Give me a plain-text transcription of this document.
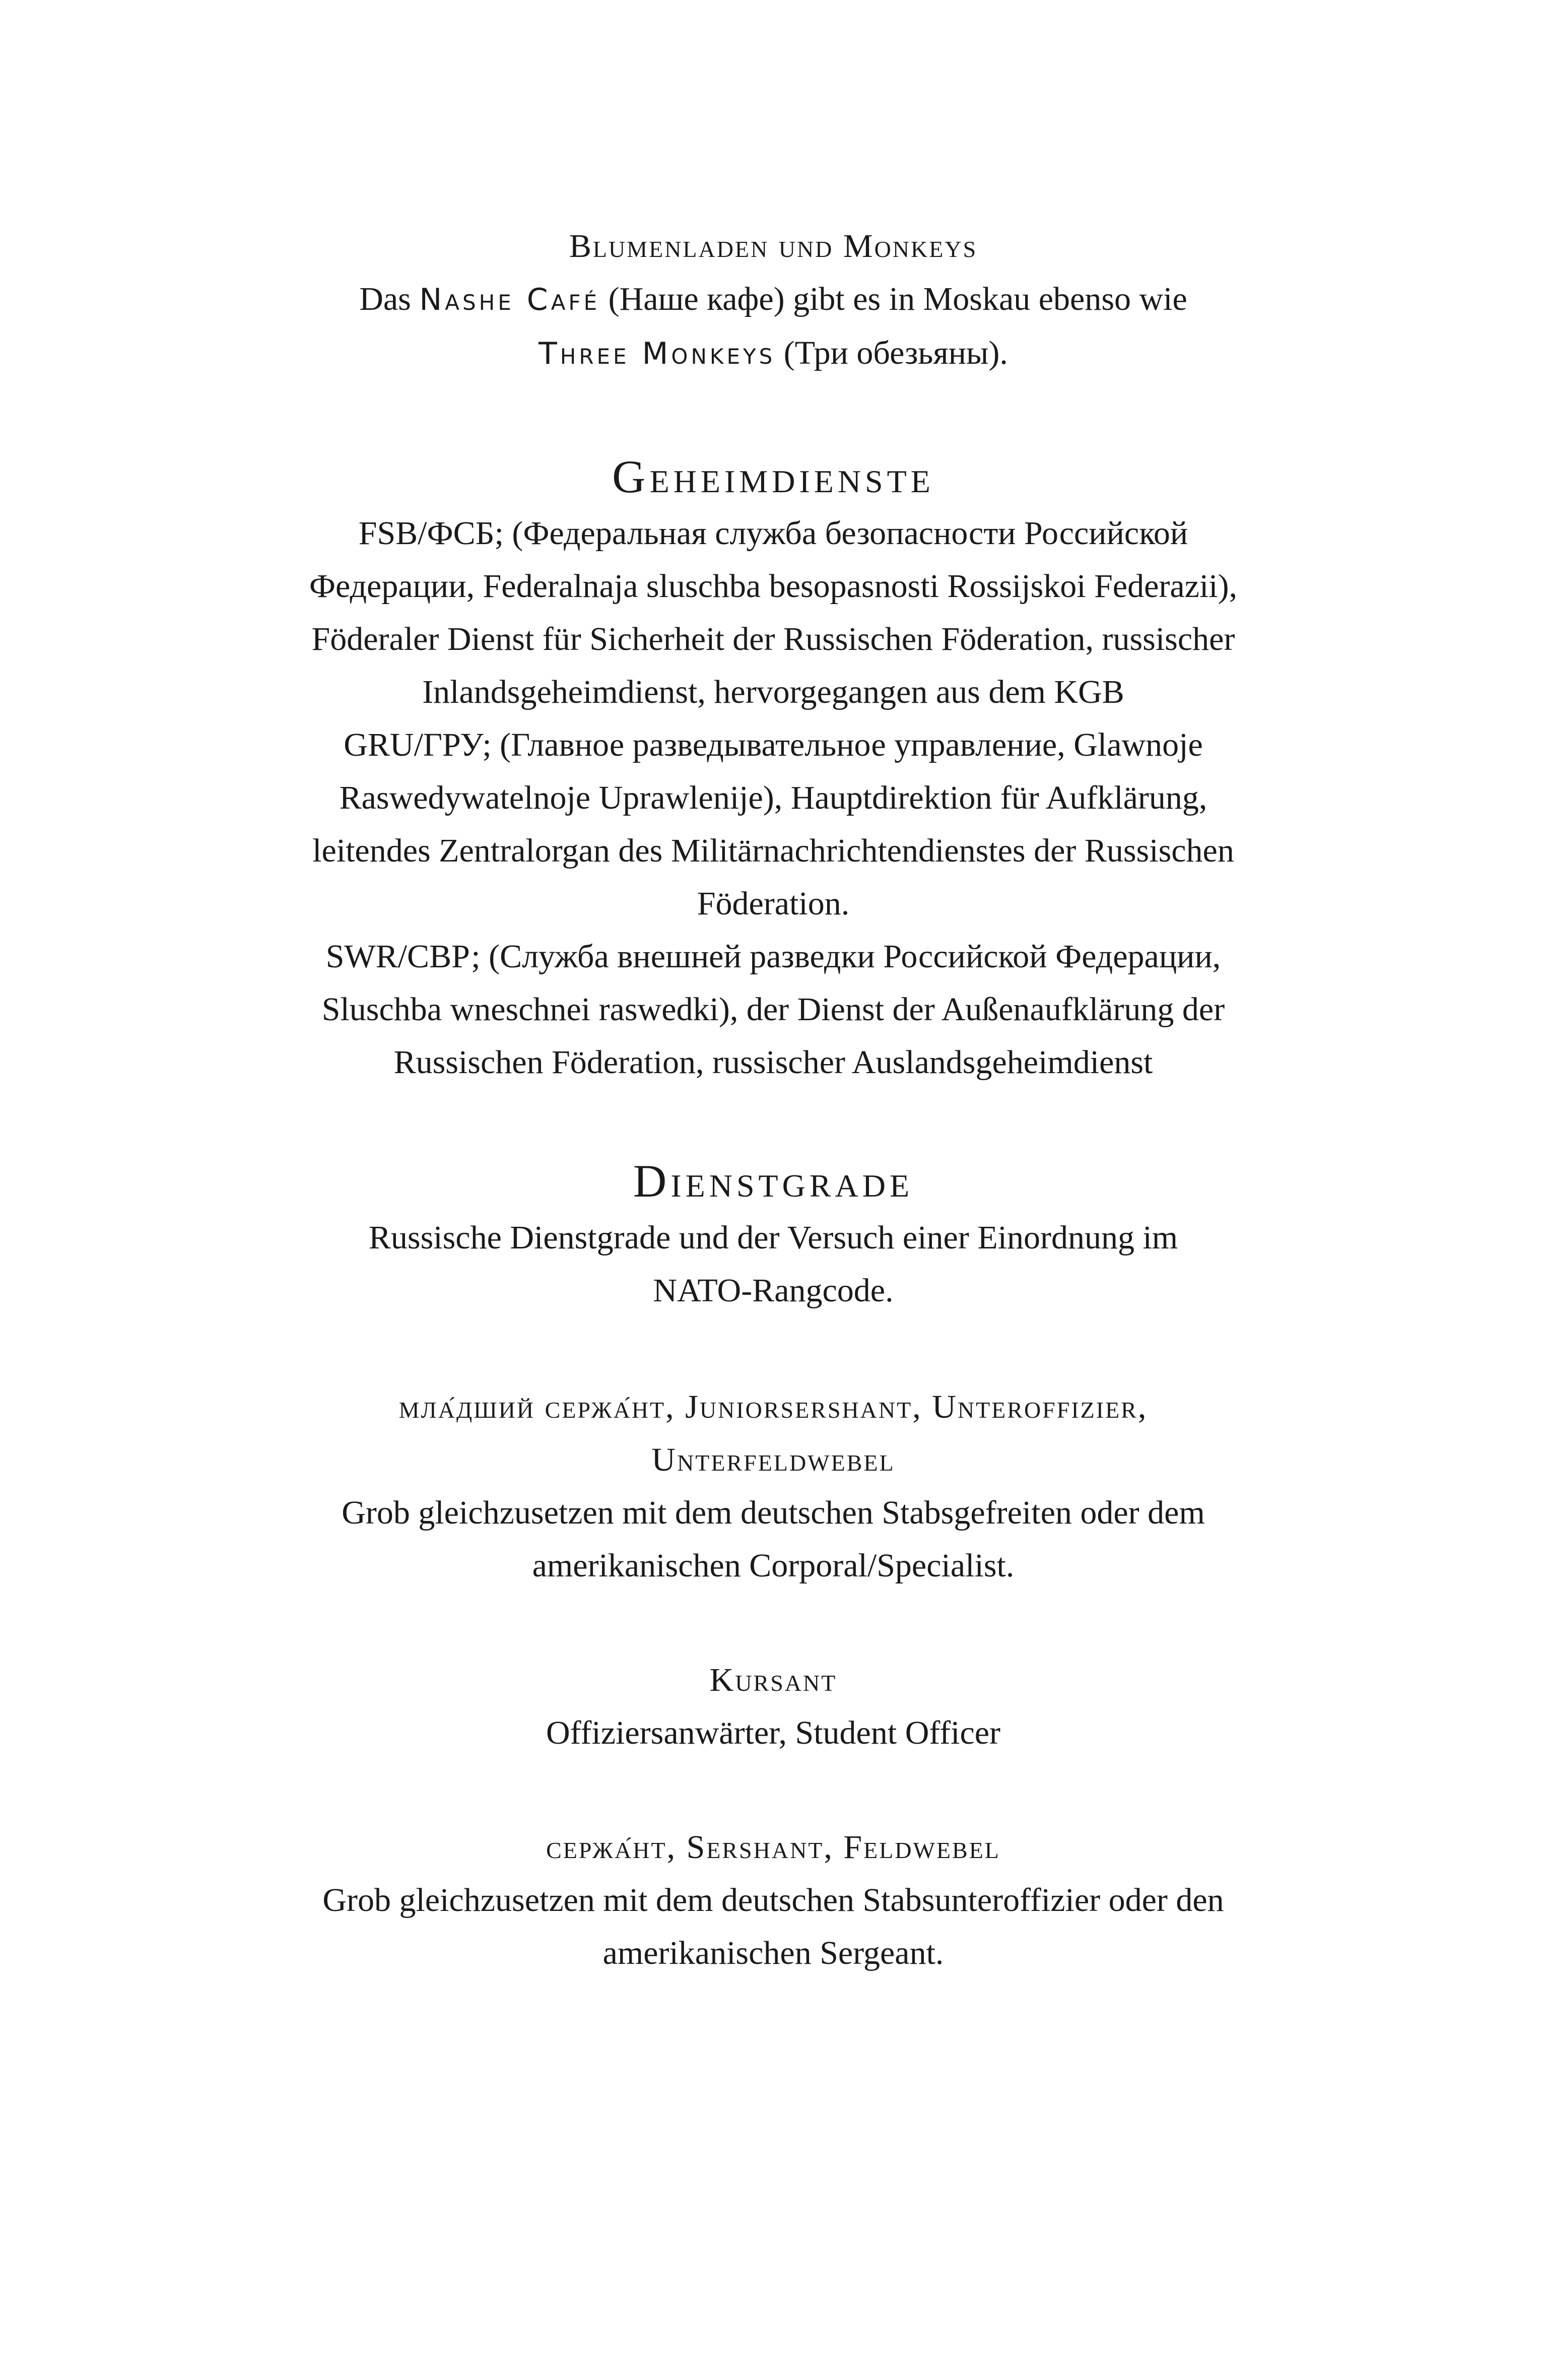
Blumenladen und Monkeys
Das Nashe Café (Наше кафе) gibt es in Moskau ebenso wie
Three Monkeys (Три обезьяны).
Geheimdienste
FSB/ФСБ; (Федеральная служба безопасности Российской
Федерации, Federalnaja sluschba besopasnosti Rossijskoi Federazii),
Föderaler Dienst für Sicherheit der Russischen Föderation, russischer
Inlandsgeheimdienst, hervorgegangen aus dem KGB
GRU/ГРУ; (Главное разведывательное управление, Glawnoje
Raswedywatelnoje Uprawlenije), Hauptdirektion für Aufklärung,
leitendes Zentralorgan des Militärnachrichtendienstes der Russischen
Föderation.
SWR/СВР; (Служба внешней разведки Российской Федерации,
Sluschba wneschnei raswedki), der Dienst der Außenaufklärung der
Russischen Föderation, russischer Auslandsgeheimdienst
Dienstgrade
Russische Dienstgrade und der Versuch einer Einordnung im
NATO-Rangcode.
мла́дший сержа́нт, Juniorsershant, Unteroffizier,
Unterfeldwebel
Grob gleichzusetzen mit dem deutschen Stabsgefreiten oder dem
amerikanischen Corporal/Specialist.
Kursant
Offiziersanwärter, Student Officer
сержа́нт, Sershant, Feldwebel
Grob gleichzusetzen mit dem deutschen Stabsunteroffizier oder den
amerikanischen Sergeant.
